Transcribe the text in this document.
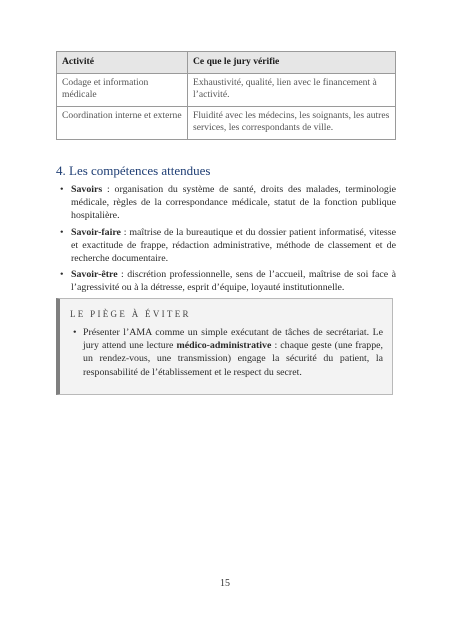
Activité	Ce que le jury vérifie
Codage et information médicale	Exhaustivité, qualité, lien avec le financement à l’activité.
Coordination interne et externe	Fluidité avec les médecins, les soignants, les autres services, les correspondants de ville.
4. Les compétences attendues
• Savoirs : organisation du système de santé, droits des malades, terminologie médicale, règles de la correspondance médicale, statut de la fonction publique hospitalière.
• Savoir-faire : maîtrise de la bureautique et du dossier patient informatisé, vitesse et exactitude de frappe, rédaction administrative, méthode de classement et de recherche documentaire.
• Savoir-être : discrétion professionnelle, sens de l’accueil, maîtrise de soi face à l’agressivité ou à la détresse, esprit d’équipe, loyauté institutionnelle.

LE PIÈGE À ÉVITER

• Présenter l’AMA comme un simple exécutant de tâches de secrétariat. Le jury attend une lecture médico-administrative : chaque geste (une frappe, un rendez-vous, une transmission) engage la sécurité du patient, la responsabilité de l’établissement et le respect du secret.
15
